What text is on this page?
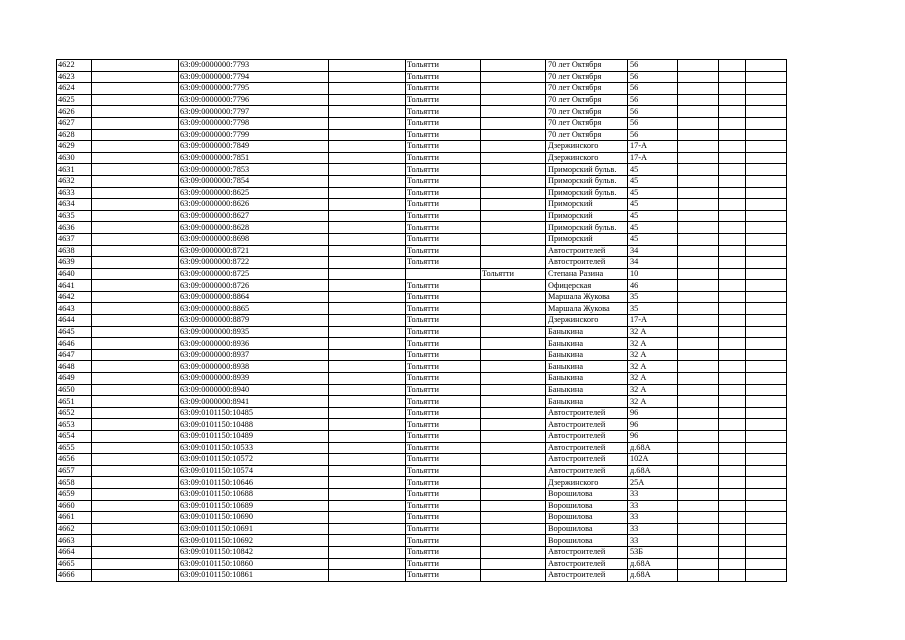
4622		63:09:0000000:7793		Тольятти		70 лет Октября	56			
4623		63:09:0000000:7794		Тольятти		70 лет Октября	56			
4624		63:09:0000000:7795		Тольятти		70 лет Октября	56			
4625		63:09:0000000:7796		Тольятти		70 лет Октября	56			
4626		63:09:0000000:7797		Тольятти		70 лет Октября	56			
4627		63:09:0000000:7798		Тольятти		70 лет Октября	56			
4628		63:09:0000000:7799		Тольятти		70 лет Октября	56			
4629		63:09:0000000:7849		Тольятти		Дзержинского	17-А			
4630		63:09:0000000:7851		Тольятти		Дзержинского	17-А			
4631		63:09:0000000:7853		Тольятти		Приморский бульв.	45			
4632		63:09:0000000:7854		Тольятти		Приморский бульв.	45			
4633		63:09:0000000:8625		Тольятти		Приморский бульв.	45			
4634		63:09:0000000:8626		Тольятти		Приморский	45			
4635		63:09:0000000:8627		Тольятти		Приморский	45			
4636		63:09:0000000:8628		Тольятти		Приморский бульв.	45			
4637		63:09:0000000:8698		Тольятти		Приморский	45			
4638		63:09:0000000:8721		Тольятти		Автостроителей	34			
4639		63:09:0000000:8722		Тольятти		Автостроителей	34			
4640		63:09:0000000:8725			Тольятти	Степана Разина	10			
4641		63:09:0000000:8726		Тольятти		Офицерская	46			
4642		63:09:0000000:8864		Тольятти		Маршала Жукова	35			
4643		63:09:0000000:8865		Тольятти		Маршала Жукова	35			
4644		63:09:0000000:8879		Тольятти		Дзержинского	17-А			
4645		63:09:0000000:8935		Тольятти		Баныкина	32 А			
4646		63:09:0000000:8936		Тольятти		Баныкина	32 А			
4647		63:09:0000000:8937		Тольятти		Баныкина	32 А			
4648		63:09:0000000:8938		Тольятти		Баныкина	32 А			
4649		63:09:0000000:8939		Тольятти		Баныкина	32 А			
4650		63:09:0000000:8940		Тольятти		Баныкина	32 А			
4651		63:09:0000000:8941		Тольятти		Баныкина	32 А			
4652		63:09:0101150:10485		Тольятти		Автостроителей	96			
4653		63:09:0101150:10488		Тольятти		Автостроителей	96			
4654		63:09:0101150:10489		Тольятти		Автостроителей	96			
4655		63:09:0101150:10533		Тольятти		Автостроителей	д.68А			
4656		63:09:0101150:10572		Тольятти		Автостроителей	102А			
4657		63:09:0101150:10574		Тольятти		Автостроителей	д.68А			
4658		63:09:0101150:10646		Тольятти		Дзержинского	25А			
4659		63:09:0101150:10688		Тольятти		Ворошилова	33			
4660		63:09:0101150:10689		Тольятти		Ворошилова	33			
4661		63:09:0101150:10690		Тольятти		Ворошилова	33			
4662		63:09:0101150:10691		Тольятти		Ворошилова	33			
4663		63:09:0101150:10692		Тольятти		Ворошилова	33			
4664		63:09:0101150:10842		Тольятти		Автостроителей	53Б			
4665		63:09:0101150:10860		Тольятти		Автостроителей	д.68А			
4666		63:09:0101150:10861		Тольятти		Автостроителей	д.68А			
